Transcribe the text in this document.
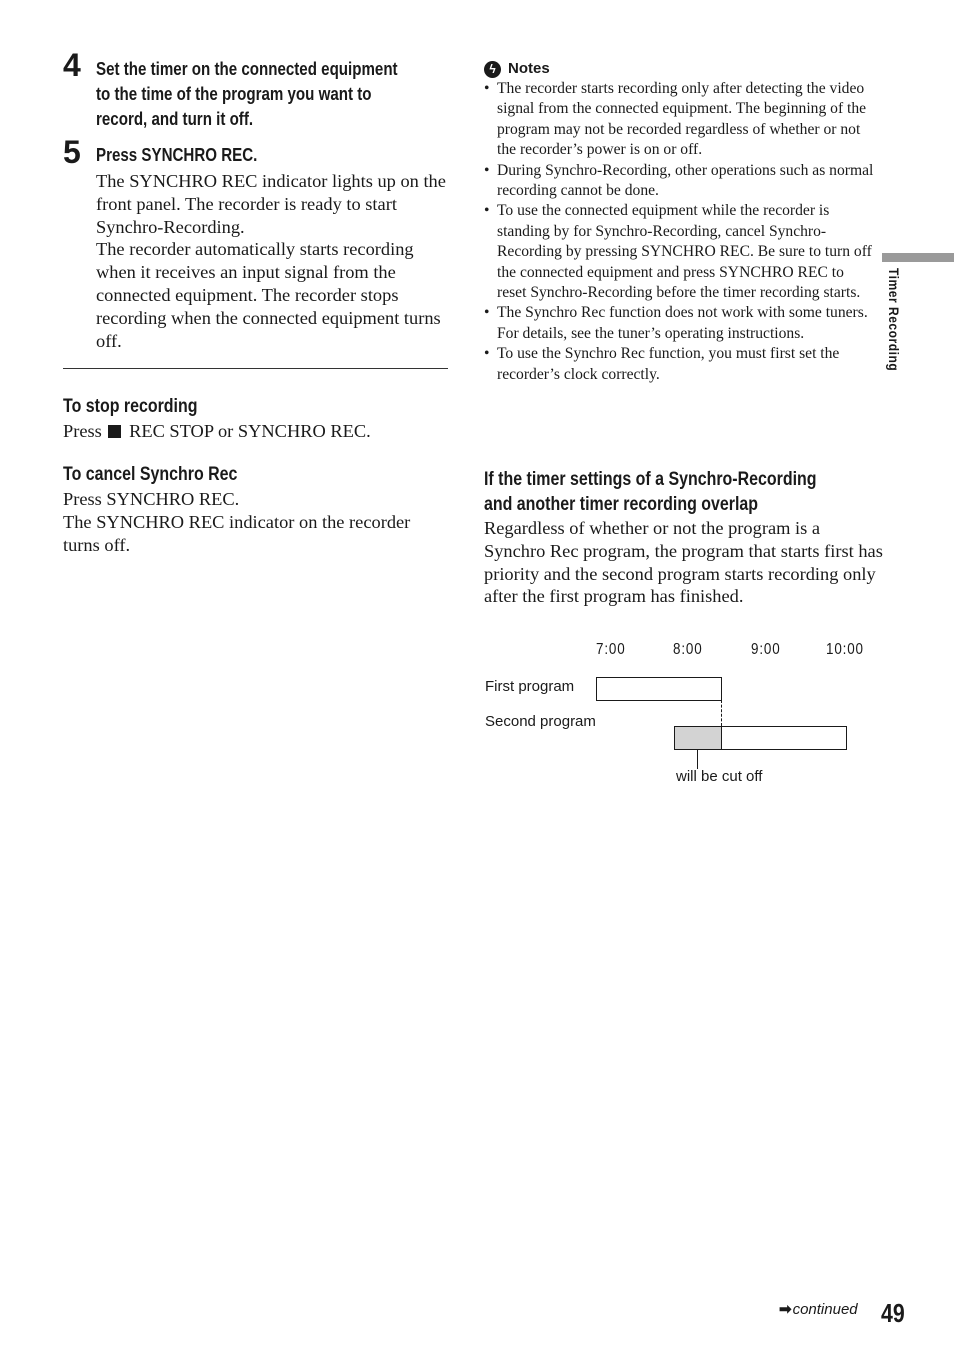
4 Set the timer on the connected equipment
to the time of the program you want to
record, and turn it off.
5 Press SYNCHRO REC.

The SYNCHRO REC indicator lights up on the front panel. The recorder is ready to start Synchro-Recording.

The recorder automatically starts recording when it receives an input signal from the connected equipment. The recorder stops recording when the connected equipment turns off.

To stop recording
Press REC STOP or SYNCHRO REC.
To cancel Synchro Rec

Press SYNCHRO REC.

The SYNCHRO REC indicator on the recorder turns off.

ϟ Notes
• The recorder starts recording only after detecting the video signal from the connected equipment. The beginning of the program may not be recorded regardless of whether or not the recorder’s power is on or off.
• During Synchro-Recording, other operations such as normal recording cannot be done.
• To use the connected equipment while the recorder is standing by for Synchro-Recording, cancel Synchro-Recording by pressing SYNCHRO REC. Be sure to turn off the connected equipment and press SYNCHRO REC to reset Synchro-Recording before the timer recording starts.
• The Synchro Rec function does not work with some tuners. For details, see the tuner’s operating instructions.
• To use the Synchro Rec function, you must first set the recorder’s clock correctly.
If the timer settings of a Synchro-Recording
and another timer recording overlap
Regardless of whether or not the program is a Synchro Rec program, the program that starts first has priority and the second program starts recording only after the first program has finished.
7:00	8:00	9:00	10:00
First program
Second program
will be cut off
Timer Recording
➡continued 49
